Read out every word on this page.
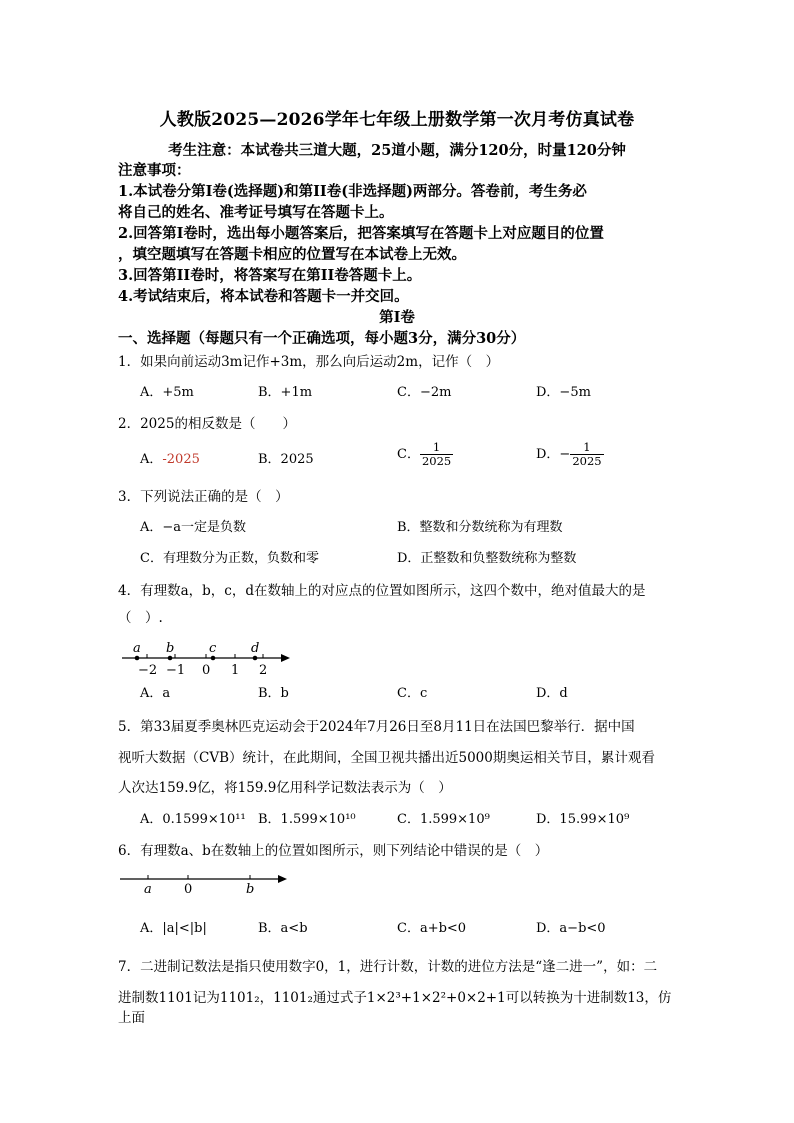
人教版2025—2026学年七年级上册数学第一次月考仿真试卷
考生注意：本试卷共三道大题，25道小题，满分120分，时量120分钟
注意事项：
1.本试卷分第I卷(选择题)和第II卷(非选择题)两部分。答卷前，考生务必
将自己的姓名、准考证号填写在答题卡上。
2.回答第I卷时，选出每小题答案后，把答案填写在答题卡上对应题目的位置
，填空题填写在答题卡相应的位置写在本试卷上无效。
3.回答第II卷时，将答案写在第II卷答题卡上。
4.考试结束后，将本试卷和答题卡一并交回。
第I卷
一、选择题（每题只有一个正确选项，每小题3分，满分30分）
1．如果向前运动3m记作+3m，那么向后运动2m，记作（　）
A．+5m	B．+1m	C．−2m	D．−5m
2．2025的相反数是（　　）
A．-2025	B．2025	C． $\frac{1}{2025}$	D．− $\frac{1}{2025}$
3．下列说法正确的是（　）
A．−a一定是负数	B．整数和分数统称为有理数
C．有理数分为正数，负数和零	D．正整数和负整数统称为整数
4．有理数a，b，c，d在数轴上的对应点的位置如图所示，这四个数中，绝对值最大的是
（　）.
a b	c	d
−2 −1 0 1 2
A．a	B．b	C．c	D．d
5．第33届夏季奥林匹克运动会于2024年7月26日至8月11日在法国巴黎举行．据中国
视听大数据（CVB）统计，在此期间，全国卫视共播出近5000期奥运相关节目，累计观看
人次达159.9亿，将159.9亿用科学记数法表示为（　）
A．0.1599×10¹¹ B．1.599×10¹⁰	C．1.599×10⁹	D．15.99×10⁹
6．有理数a、b在数轴上的位置如图所示，则下列结论中错误的是（　）
a 0	b
A．|a|<|b|	B．a<b	C．a+b<0	D．a−b<0
7．二进制记数法是指只使用数字0，1，进行计数，计数的进位方法是“逢二进一”，如：二
进制数1101记为1101₂，1101₂通过式子1×2³+1×2²+0×2+1可以转换为十进制数13，仿上面
